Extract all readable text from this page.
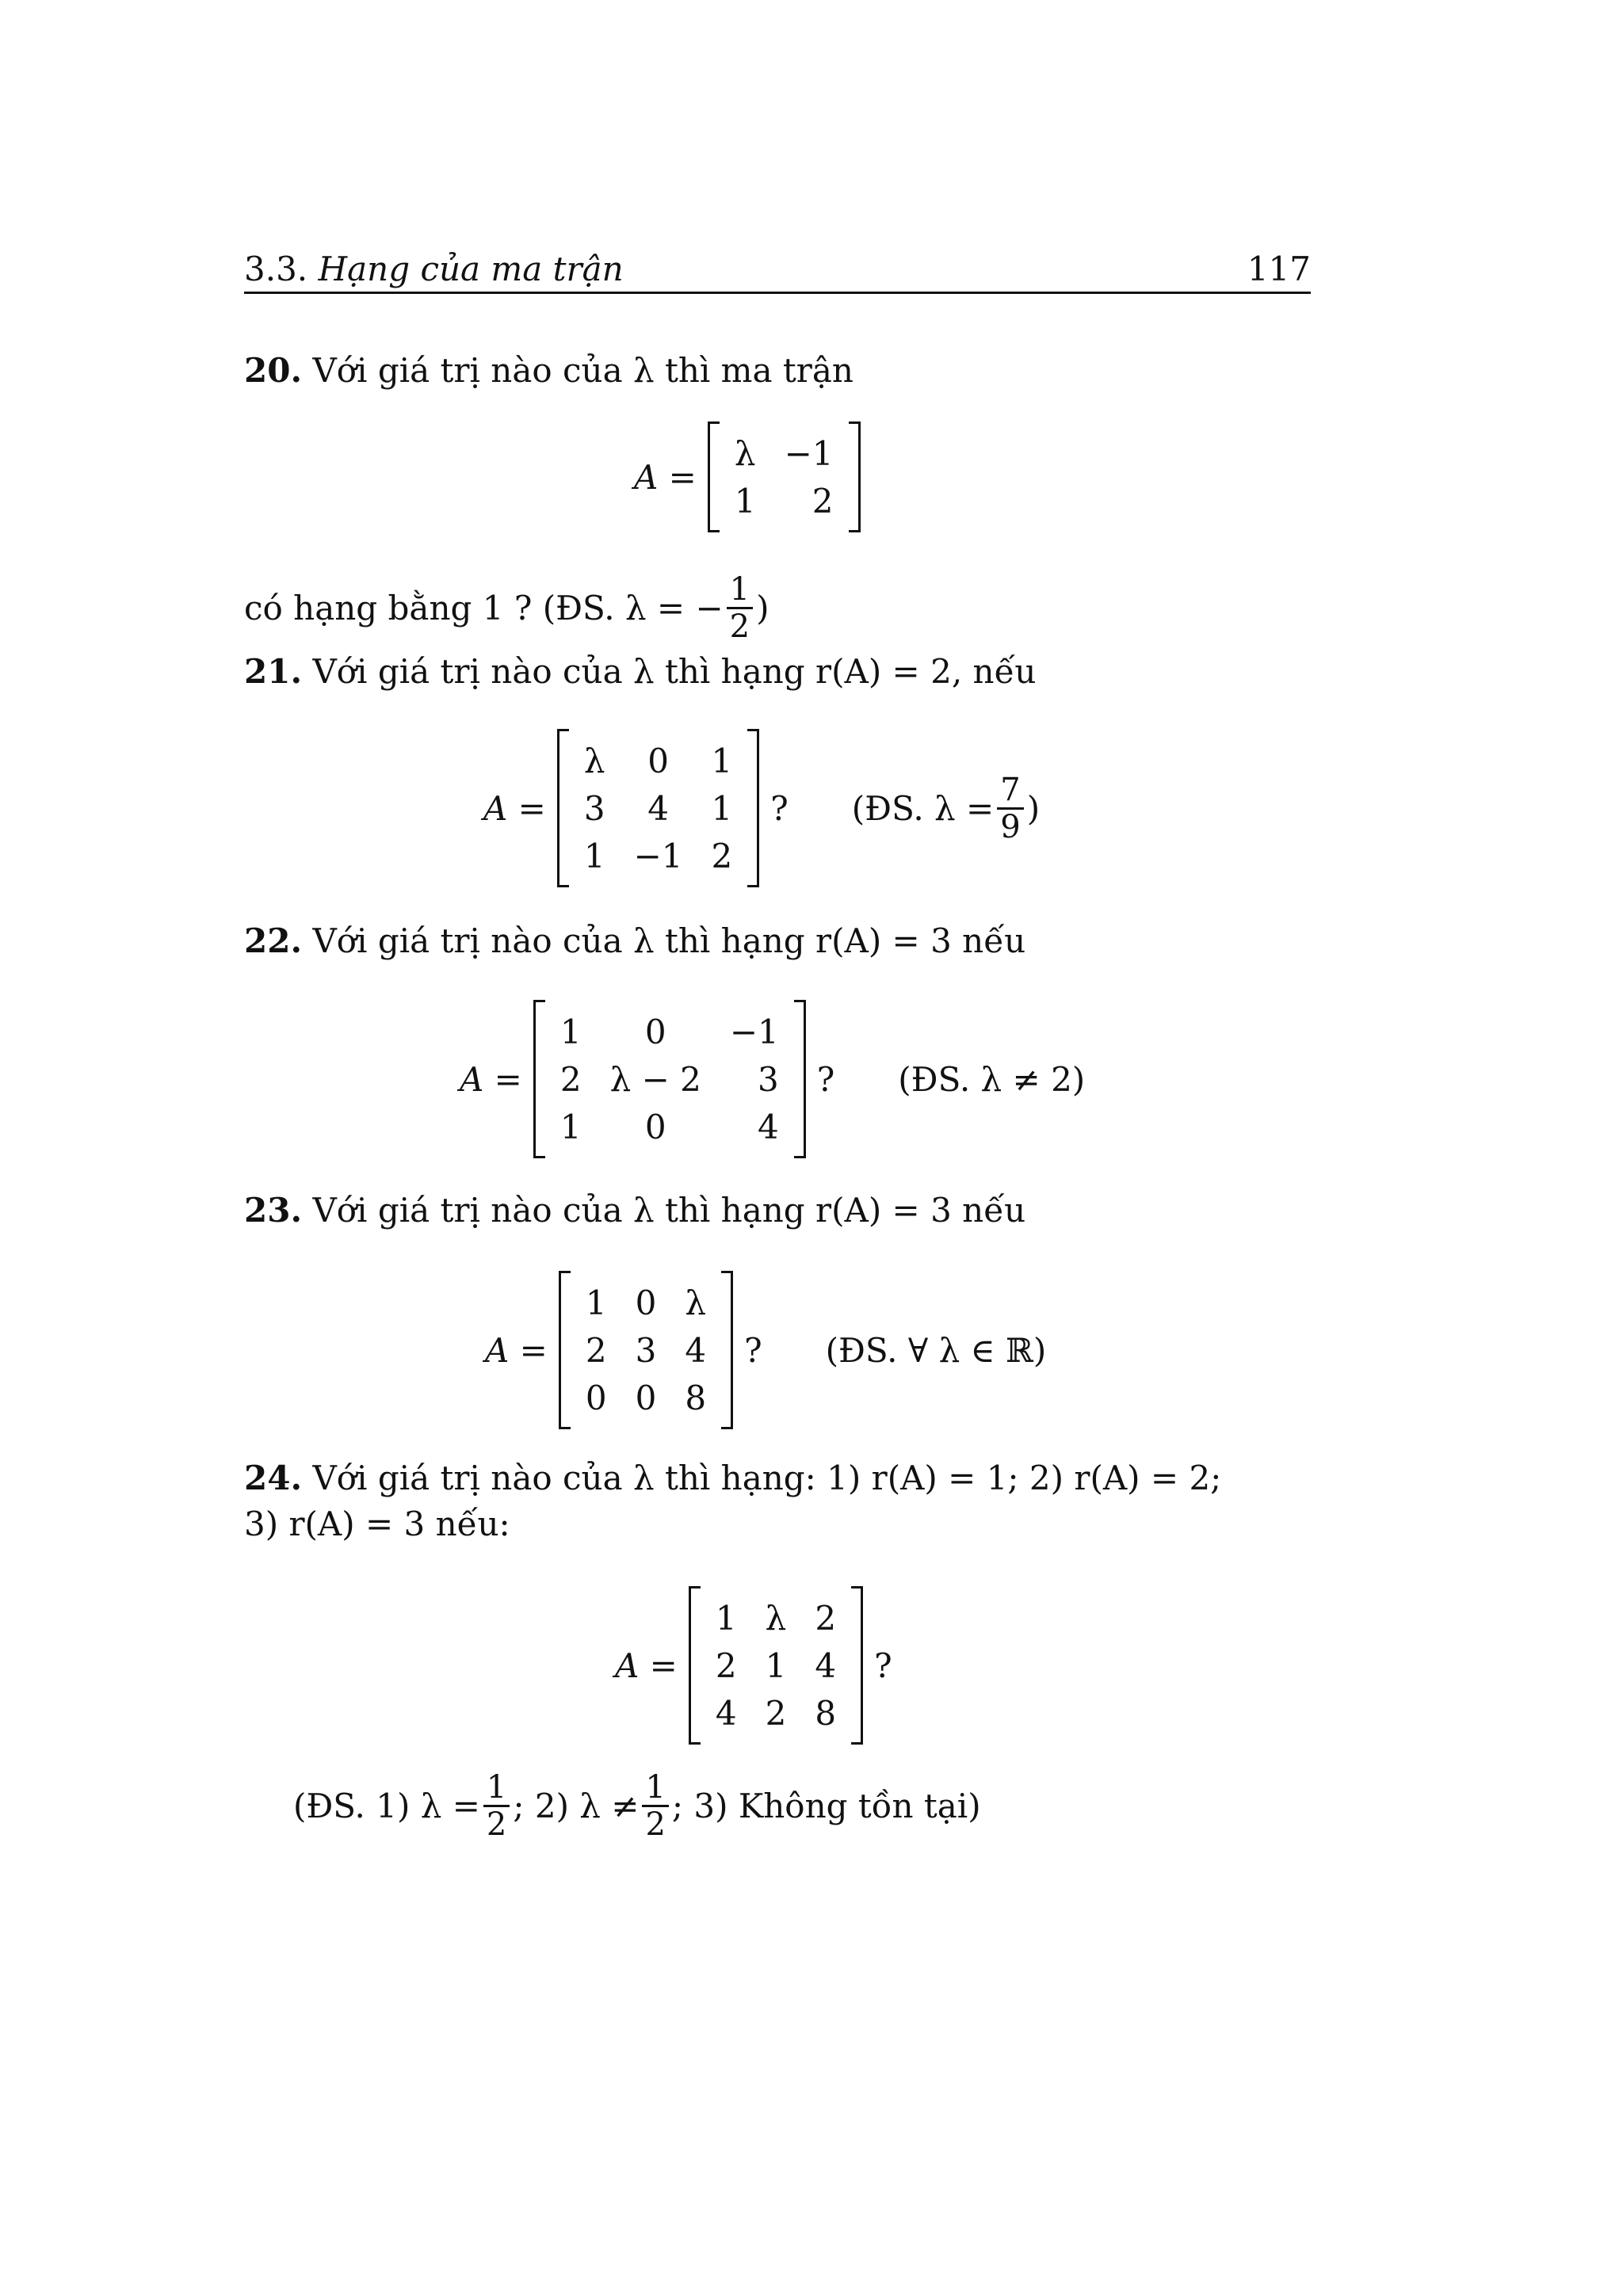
3.3. Hạng của ma trận	117
20. Với giá trị nào của λ thì ma trận
A =
λ	−1
1	2
có hạng bằng 1 ? (ĐS. λ = − $\frac{1}{2}$ )
21. Với giá trị nào của λ thì hạng r(A) = 2, nếu
A =
λ	0	1
3	4	1
1	−1	2
? (ĐS. $\lambda = \frac{7}{9}$ )
22. Với giá trị nào của λ thì hạng r(A) = 3 nếu
A =
1	0	−1
2	λ − 2	3
1	0	4
? (ĐS. λ ≠ 2)
23. Với giá trị nào của λ thì hạng r(A) = 3 nếu
A =
1	0	λ
2	3	4
0	0	8
? (ĐS. ∀ λ ∈ ℝ)
24. Với giá trị nào của λ thì hạng: 1) r(A) = 1; 2) r(A) = 2;
3) r(A) = 3 nếu:
A =
1	λ	2
2	1	4
4	2	8
?
(ĐS. 1) $\lambda = \frac{1}{2}$ ; 2) $\lambda \ne \frac{1}{2}$ ; 3) Không tồn tại)
